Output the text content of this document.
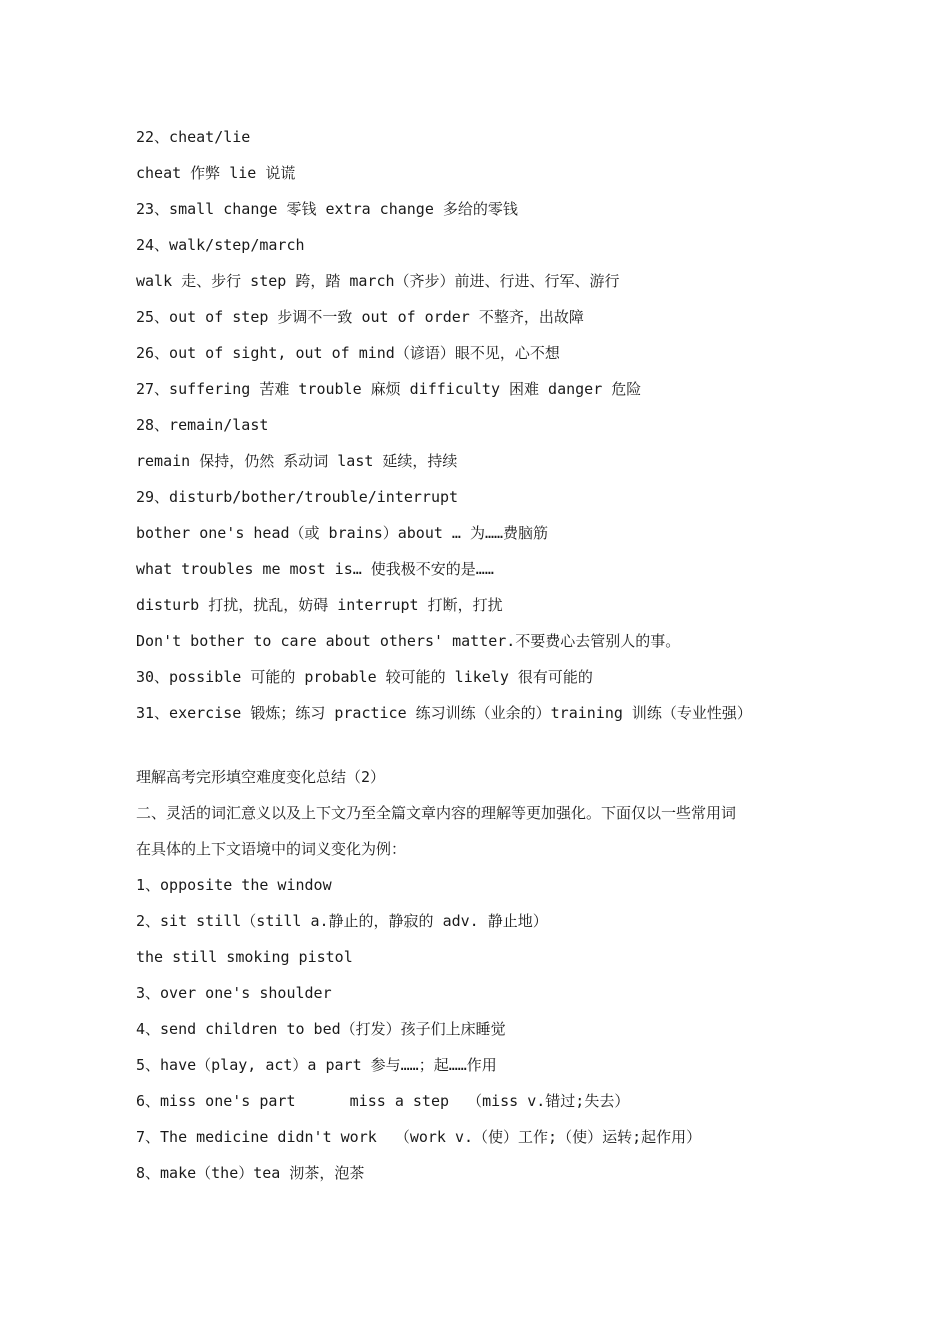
22、cheat/lie
cheat 作弊 lie 说谎
23、small change 零钱 extra change 多给的零钱
24、walk/step/march
walk 走、步行 step 跨，踏 march（齐步）前进、行进、行军、游行
25、out of step 步调不一致 out of order 不整齐，出故障
26、out of sight, out of mind（谚语）眼不见，心不想
27、suffering 苦难 trouble 麻烦 difficulty 困难 danger 危险
28、remain/last
remain 保持，仍然 系动词 last 延续，持续
29、disturb/bother/trouble/interrupt
bother one's head（或 brains）about … 为……费脑筋
what troubles me most is… 使我极不安的是……
disturb 打扰，扰乱，妨碍 interrupt 打断，打扰
Don't bother to care about others' matter.不要费心去管别人的事。
30、possible 可能的 probable 较可能的 likely 很有可能的
31、exercise 锻炼；练习 practice 练习训练（业余的）training 训练（专业性强）
理解高考完形填空难度变化总结（2）
二、灵活的词汇意义以及上下文乃至全篇文章内容的理解等更加强化。下面仅以一些常用词
在具体的上下文语境中的词义变化为例：
1、opposite the window
2、sit still（still a.静止的，静寂的 adv. 静止地）
the still smoking pistol
3、over one's shoulder
4、send children to bed（打发）孩子们上床睡觉
5、have（play, act）a part 参与……；起……作用
6、miss one's part      miss a step  （miss v.错过;失去）
7、The medicine didn't work  （work v.（使）工作;（使）运转;起作用）
8、make（the）tea 沏茶，泡茶
